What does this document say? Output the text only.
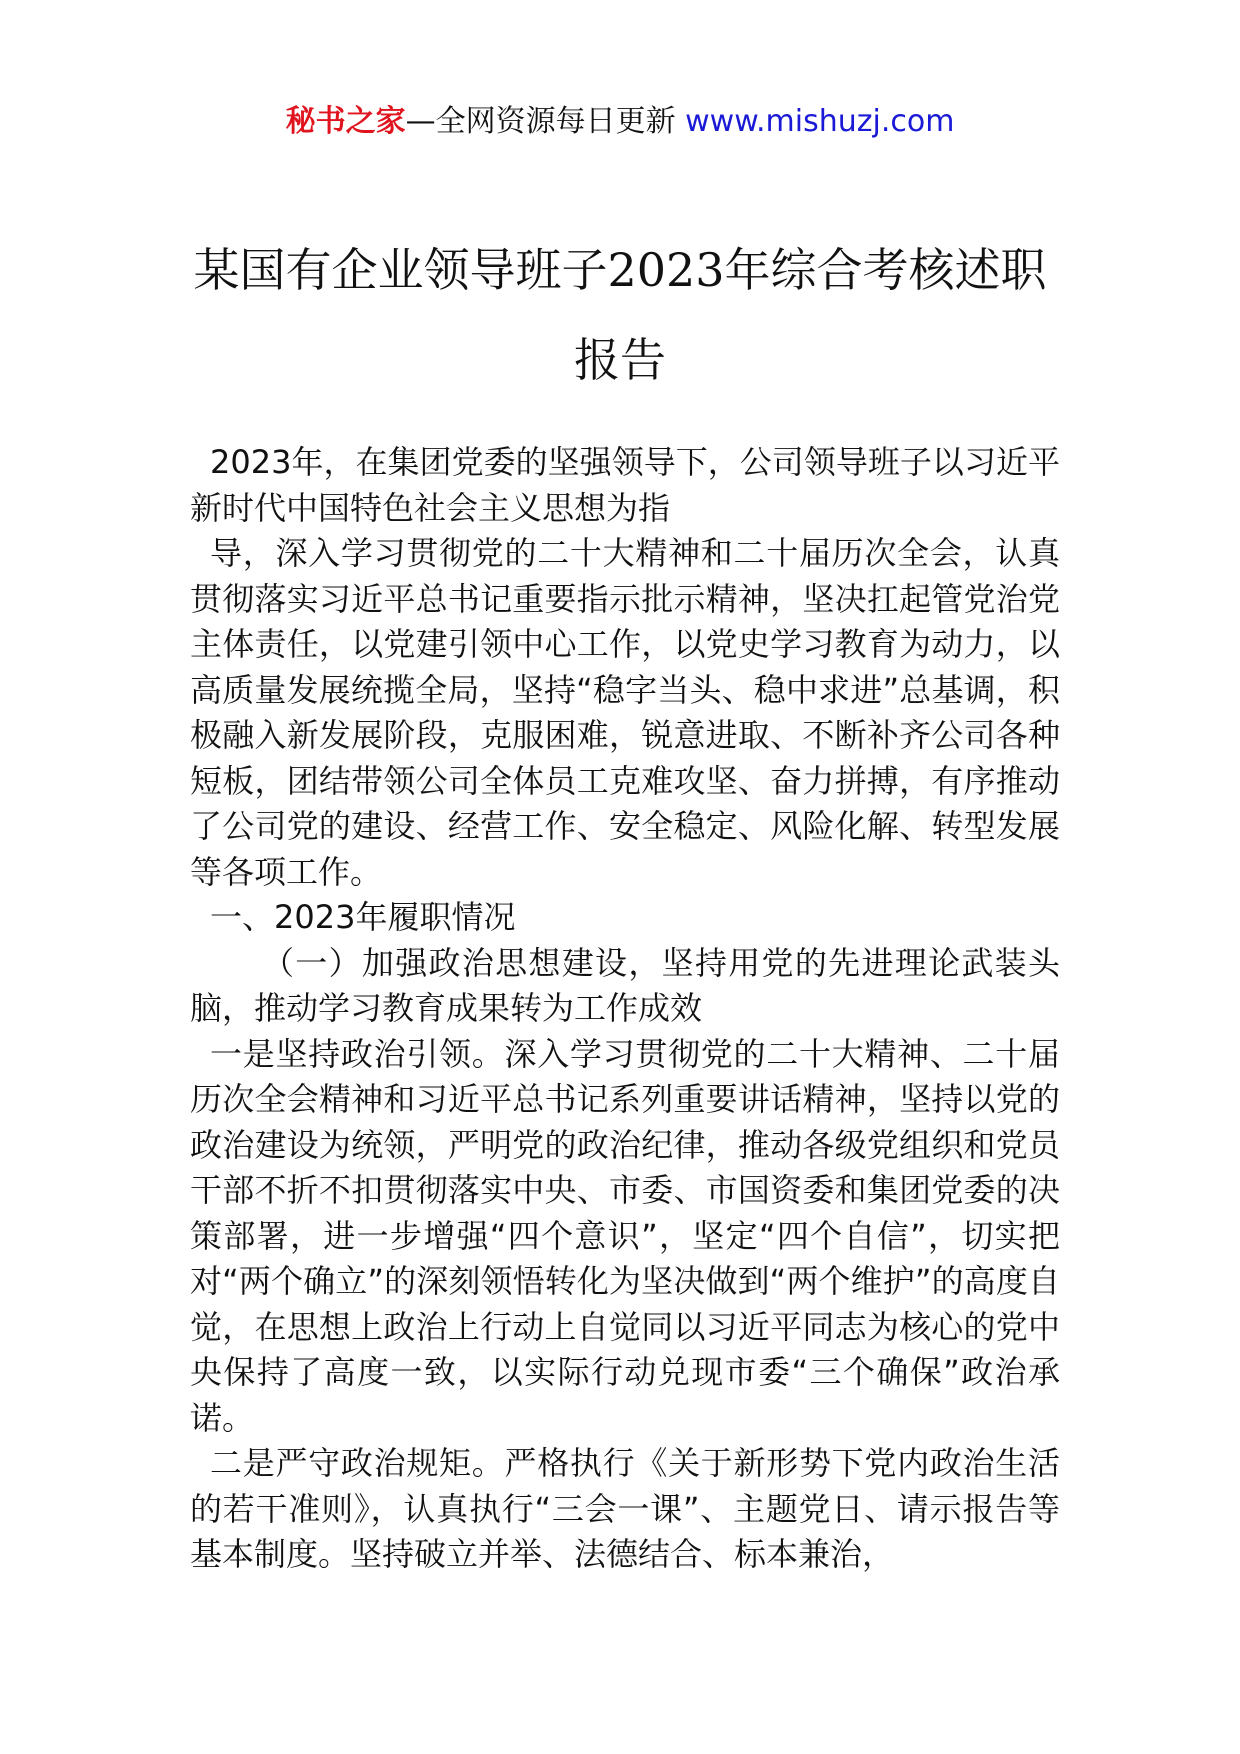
秘书之家—全网资源每日更新 www.mishuzj.com
某国有企业领导班子2023年综合考核述职
报告

2023年，在集团党委的坚强领导下，公司领导班子以习近平新时代中国特色社会主义思想为指

导，深入学习贯彻党的二十大精神和二十届历次全会，认真贯彻落实习近平总书记重要指示批示精神，坚决扛起管党治党主体责任，以党建引领中心工作，以党史学习教育为动力，以高质量发展统揽全局，坚持“稳字当头、稳中求进”总基调，积极融入新发展阶段，克服困难，锐意进取、不断补齐公司各种短板，团结带领公司全体员工克难攻坚、奋力拼搏，有序推动了公司党的建设、经营工作、安全稳定、风险化解、转型发展等各项工作。

一、2023年履职情况

（一）加强政治思想建设，坚持用党的先进理论武装头脑，推动学习教育成果转为工作成效

一是坚持政治引领。深入学习贯彻党的二十大精神、二十届历次全会精神和习近平总书记系列重要讲话精神，坚持以党的政治建设为统领，严明党的政治纪律，推动各级党组织和党员干部不折不扣贯彻落实中央、市委、市国资委和集团党委的决策部署，进一步增强“四个意识”，坚定“四个自信”，切实把对“两个确立”的深刻领悟转化为坚决做到“两个维护”的高度自觉，在思想上政治上行动上自觉同以习近平同志为核心的党中央保持了高度一致，以实际行动兑现市委“三个确保”政治承诺。

二是严守政治规矩。严格执行《关于新形势下党内政治生活的若干准则》，认真执行“三会一课”、主题党日、请示报告等基本制度。坚持破立并举、法德结合、标本兼治，
